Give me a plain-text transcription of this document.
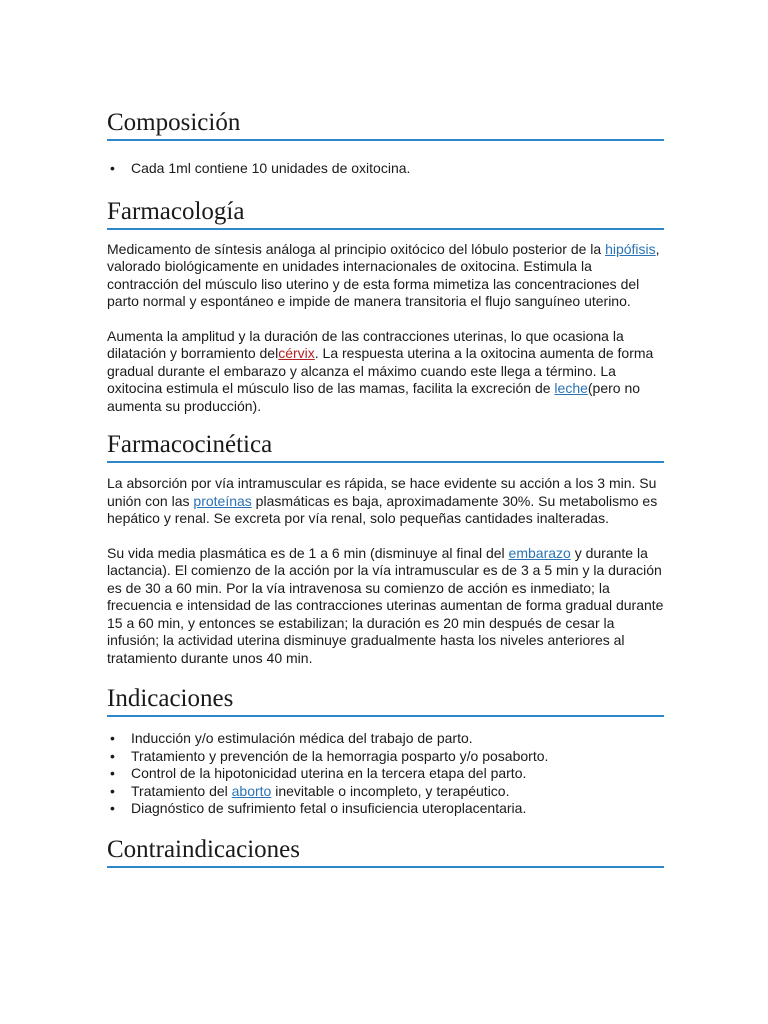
Composición
• Cada 1ml contiene 10 unidades de oxitocina.
Farmacología

Medicamento de síntesis análoga al principio oxitócico del lóbulo posterior de la hipófisis, valorado biológicamente en unidades internacionales de oxitocina. Estimula la contracción del músculo liso uterino y de esta forma mimetiza las concentraciones del parto normal y espontáneo e impide de manera transitoria el flujo sanguíneo uterino.

Aumenta la amplitud y la duración de las contracciones uterinas, lo que ocasiona la dilatación y borramiento delcérvix. La respuesta uterina a la oxitocina aumenta de forma gradual durante el embarazo y alcanza el máximo cuando este llega a término. La oxitocina estimula el músculo liso de las mamas, facilita la excreción de leche(pero no aumenta su producción).

Farmacocinética

La absorción por vía intramuscular es rápida, se hace evidente su acción a los 3 min. Su unión con las proteínas plasmáticas es baja, aproximadamente 30%. Su metabolismo es hepático y renal. Se excreta por vía renal, solo pequeñas cantidades inalteradas.

Su vida media plasmática es de 1 a 6 min (disminuye al final del embarazo y durante la lactancia). El comienzo de la acción por la vía intramuscular es de 3 a 5 min y la duración es de 30 a 60 min. Por la vía intravenosa su comienzo de acción es inmediato; la frecuencia e intensidad de las contracciones uterinas aumentan de forma gradual durante 15 a 60 min, y entonces se estabilizan; la duración es 20 min después de cesar la infusión; la actividad uterina disminuye gradualmente hasta los niveles anteriores al tratamiento durante unos 40 min.

Indicaciones
• Inducción y/o estimulación médica del trabajo de parto.
• Tratamiento y prevención de la hemorragia posparto y/o posaborto.
• Control de la hipotonicidad uterina en la tercera etapa del parto.
• Tratamiento del aborto inevitable o incompleto, y terapéutico.
• Diagnóstico de sufrimiento fetal o insuficiencia uteroplacentaria.
Contraindicaciones
